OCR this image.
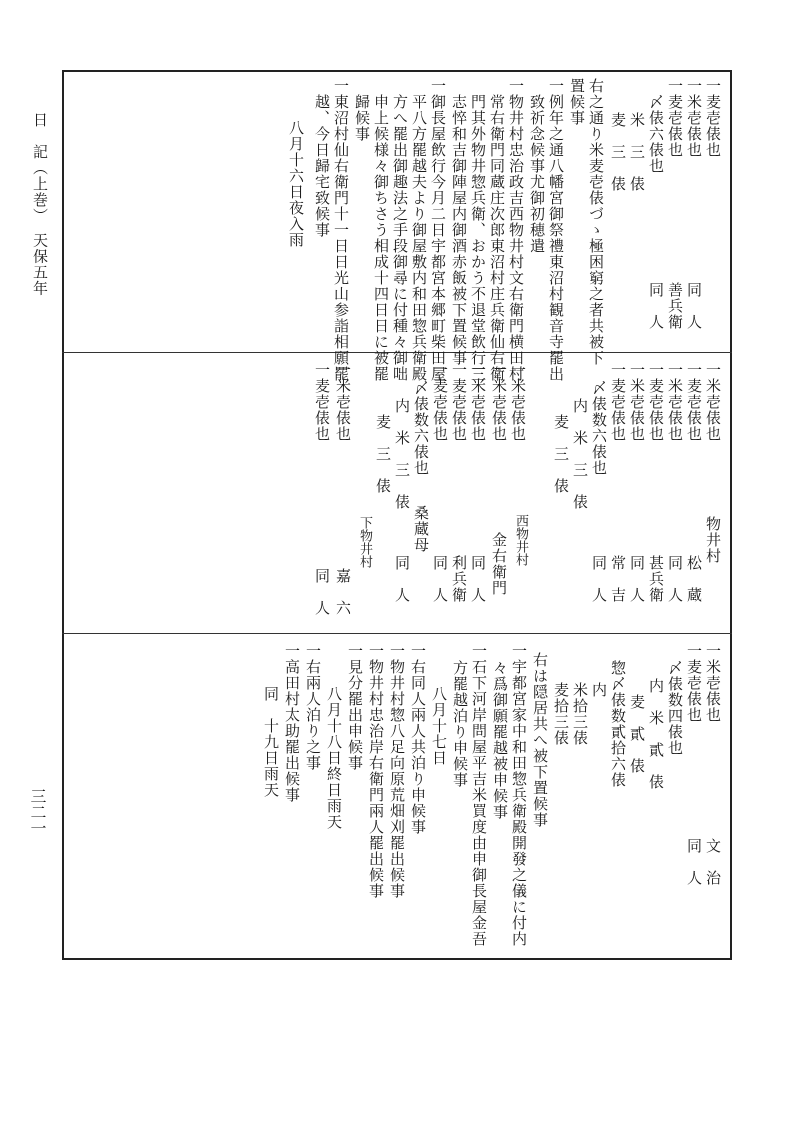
日　記（上巻）　天保五年
三二一
一麦壱俵也
一米壱俵也
一麦壱俵也
〆俵六俵也
米　三　俵
麦　三　俵
右之通り米麦壱俵づゝ極困窮之者共被下
置候事
一例年之通八幡宮御祭禮東沼村観音寺罷出
致祈念候事尤御初穂遣
一物井村忠治政吉西物井村文右衛門横田村
常右衛門同蔵庄次郎東沼村庄兵衛仙右衛
門其外物井惣兵衛、おかう不退堂飲行三
志悴和吉御陣屋内御酒赤飯被下置候事
一御長屋飲行今月二日宇都宮本郷町柴田屋
平八方罷越夫より御屋敷内和田惣兵衛殿
方へ罷出御趣法之手段御尋に付種々御咄
申上候様々御ちさう相成十四日日に被罷
歸候事
一東沼村仙右衛門十一日日光山参詣相願罷
越、今日歸宅致候事
八月十六日夜入雨
同　人
善兵衛
同　人
一米壱俵也
一麦壱俵也
一米壱俵也
一麦壱俵也
一米壱俵也
一麦壱俵也
〆俵数六俵也
内　米　三　俵
麦　三　俵
一米壱俵也
一米壱俵也
一米壱俵也
一麦壱俵也
一麦壱俵也
〆俵数六俵也
内　米　三　俵
麦　三　俵
一米壱俵也
一麦壱俵也
物井村
松　蔵
同　人
甚兵衛
同　人
常　吉
同　人
西物井村
金右衛門
同　人
利兵衛
同　人
桑蔵母
同　人
下物井村
嘉　六
同　人
一米壱俵也
一麦壱俵也
〆俵数四俵也
内　米　貳　俵
麦　貳　俵
惣〆俵数貳拾六俵
内
米拾三俵
麦拾三俵
右は隠居共へ被下置候事
一宇都宮家中和田惣兵衛殿開發之儀に付内
々爲御願罷越被申候事
一石下河岸問屋平吉米買度由申御長屋金吾
方罷越泊り申候事
八月十七日
一右同人兩人共泊り申候事
一物井村惣八足向原荒畑刈罷出候事
一物井村忠治岸右衛門兩人罷出候事
一見分罷出申候事
八月十八日終日雨天
一右兩人泊り之事
一高田村太助罷出候事
同　十九日雨天
文　治
同　人
